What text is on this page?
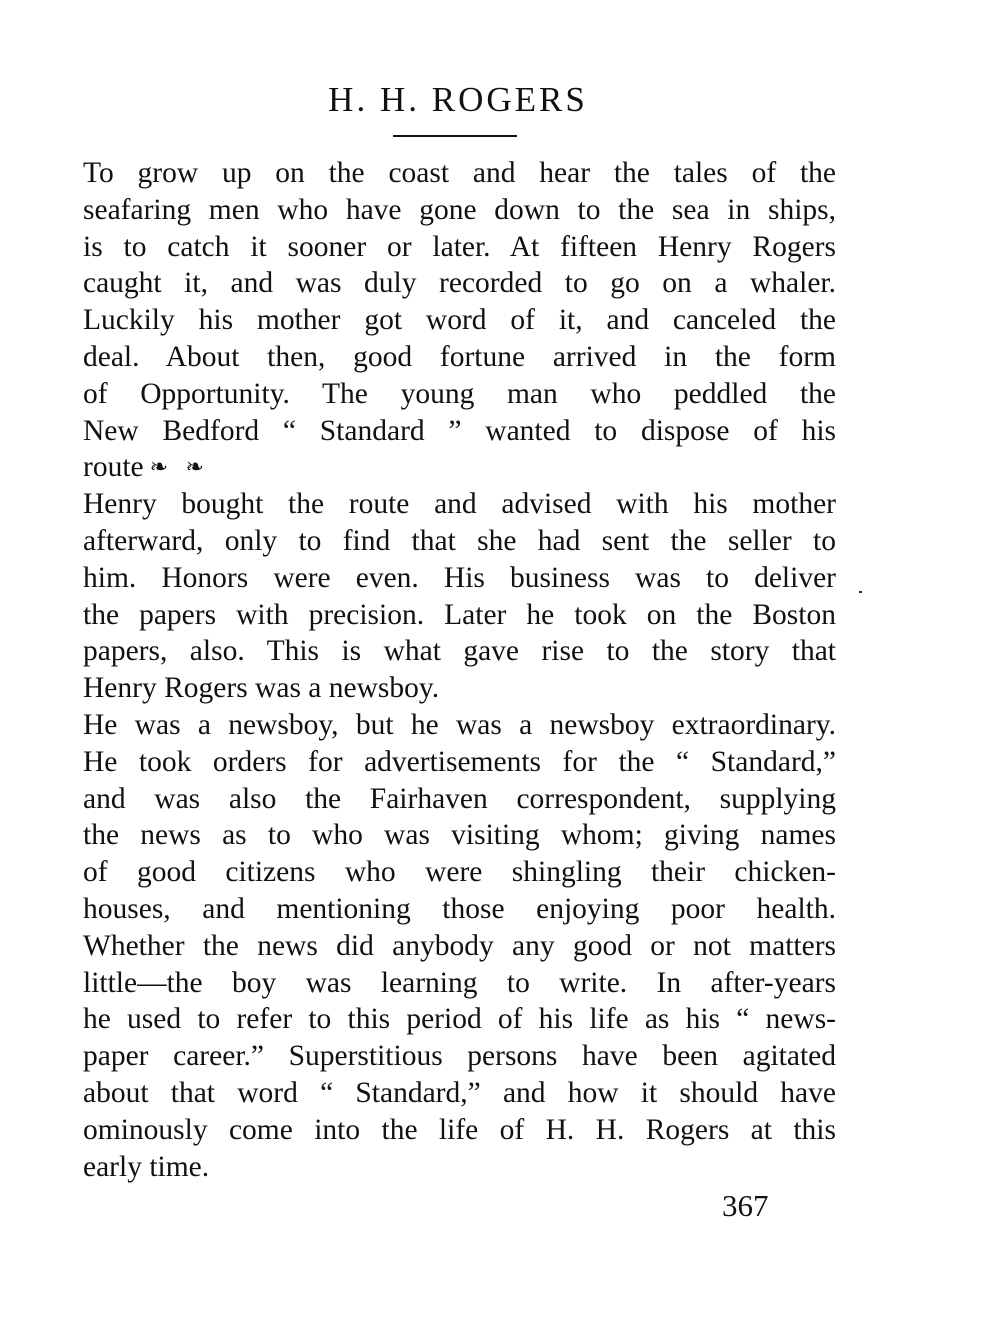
H. H. ROGERS

To grow up on the coast and hear the tales of the
seafaring men who have gone down to the sea in ships,
is to catch it sooner or later. At fifteen Henry Rogers
caught it, and was duly recorded to go on a whaler.
Luckily his mother got word of it, and canceled the
deal. About then, good fortune arrived in the form
of Opportunity. The young man who peddled the
New Bedford “ Standard ” wanted to dispose of his
route ❧ ❧

Henry bought the route and advised with his mother
afterward, only to find that she had sent the seller to
him. Honors were even. His business was to deliver
the papers with precision. Later he took on the Boston
papers, also. This is what gave rise to the story that
Henry Rogers was a newsboy.

He was a newsboy, but he was a newsboy extraordinary.
He took orders for advertisements for the “ Standard,”
and was also the Fairhaven correspondent, supplying
the news as to who was visiting whom; giving names
of good citizens who were shingling their chicken-
houses, and mentioning those enjoying poor health.
Whether the news did anybody any good or not matters
little—the boy was learning to write. In after-years
he used to refer to this period of his life as his “ news-
paper career.” Superstitious persons have been agitated
about that word “ Standard,” and how it should have
ominously come into the life of H. H. Rogers at this
early time.

367
